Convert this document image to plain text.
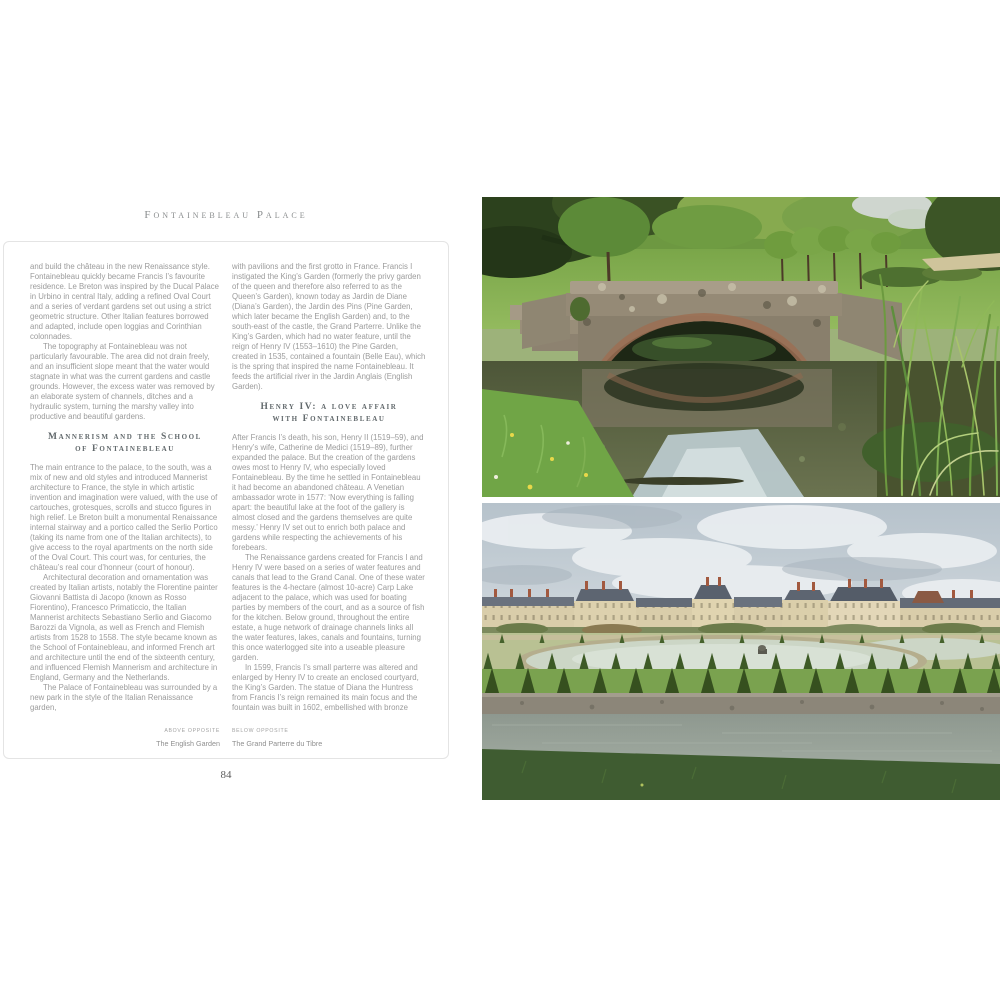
Fontainebleau Palace

and build the château in the new Renaissance style. Fontainebleau quickly became Francis I’s favourite residence. Le Breton was inspired by the Ducal Palace in Urbino in central Italy, adding a refined Oval Court and a series of verdant gardens set out using a strict geometric structure. Other Italian features borrowed and adapted, include open loggias and Corinthian colonnades.

The topography at Fontainebleau was not particularly favourable. The area did not drain freely, and an insufficient slope meant that the water would stagnate in what was the current gardens and castle grounds. However, the excess water was removed by an elaborate system of channels, ditches and a hydraulic system, turning the marshy valley into productive and beautiful gardens.

Mannerism and the School
of Fontainebleau

The main entrance to the palace, to the south, was a mix of new and old styles and introduced Mannerist architecture to France, the style in which artistic invention and imagination were valued, with the use of cartouches, grotesques, scrolls and stucco figures in high relief. Le Breton built a monumental Renaissance internal stairway and a portico called the Serlio Portico (taking its name from one of the Italian architects), to give access to the royal apartments on the north side of the Oval Court. This court was, for centuries, the château’s real cour d’honneur (court of honour).

Architectural decoration and ornamentation was created by Italian artists, notably the Florentine painter Giovanni Battista di Jacopo (known as Rosso Fiorentino), Francesco Primaticcio, the Italian Mannerist architects Sebastiano Serlio and Giacomo Barozzi da Vignola, as well as French and Flemish artists from 1528 to 1558. The style became known as the School of Fontainebleau, and informed French art and architecture until the end of the sixteenth century, and influenced Flemish Mannerism and architecture in England, Germany and the Netherlands.

The Palace of Fontainebleau was surrounded by a new park in the style of the Italian Renaissance garden,

with pavilions and the first grotto in France. Francis I instigated the King’s Garden (formerly the privy garden of the queen and therefore also referred to as the Queen’s Garden), known today as Jardin de Diane (Diana’s Garden), the Jardin des Pins (Pine Garden, which later became the English Garden) and, to the south-east of the castle, the Grand Parterre. Unlike the King’s Garden, which had no water feature, until the reign of Henry IV (1553–1610) the Pine Garden, created in 1535, contained a fountain (Belle Eau), which is the spring that inspired the name Fontainebleau. It feeds the artificial river in the Jardin Anglais (English Garden).

Henry IV: a love affair
with Fontainebleau

After Francis I’s death, his son, Henry II (1519–59), and Henry’s wife, Catherine de Medici (1519–89), further expanded the palace. But the creation of the gardens owes most to Henry IV, who especially loved Fontainebleau. By the time he settled in Fontainebleau it had become an abandoned château. A Venetian ambassador wrote in 1577: ‘Now everything is falling apart: the beautiful lake at the foot of the gallery is almost closed and the gardens themselves are quite messy.’ Henry IV set out to enrich both palace and gardens while respecting the achievements of his forebears.

The Renaissance gardens created for Francis I and Henry IV were based on a series of water features and canals that lead to the Grand Canal. One of these water features is the 4-hectare (almost 10-acre) Carp Lake adjacent to the palace, which was used for boating parties by members of the court, and as a source of fish for the kitchen. Below ground, throughout the entire estate, a huge network of drainage channels links all the water features, lakes, canals and fountains, turning this once waterlogged site into a useable pleasure garden.

In 1599, Francis I’s small parterre was altered and enlarged by Henry IV to create an enclosed courtyard, the King’s Garden. The statue of Diana the Huntress from Francis I’s reign remained its main focus and the fountain was built in 1602, embellished with bronze

ABOVE OPPOSITE
The English Garden
BELOW OPPOSITE
The Grand Parterre du Tibre
84
